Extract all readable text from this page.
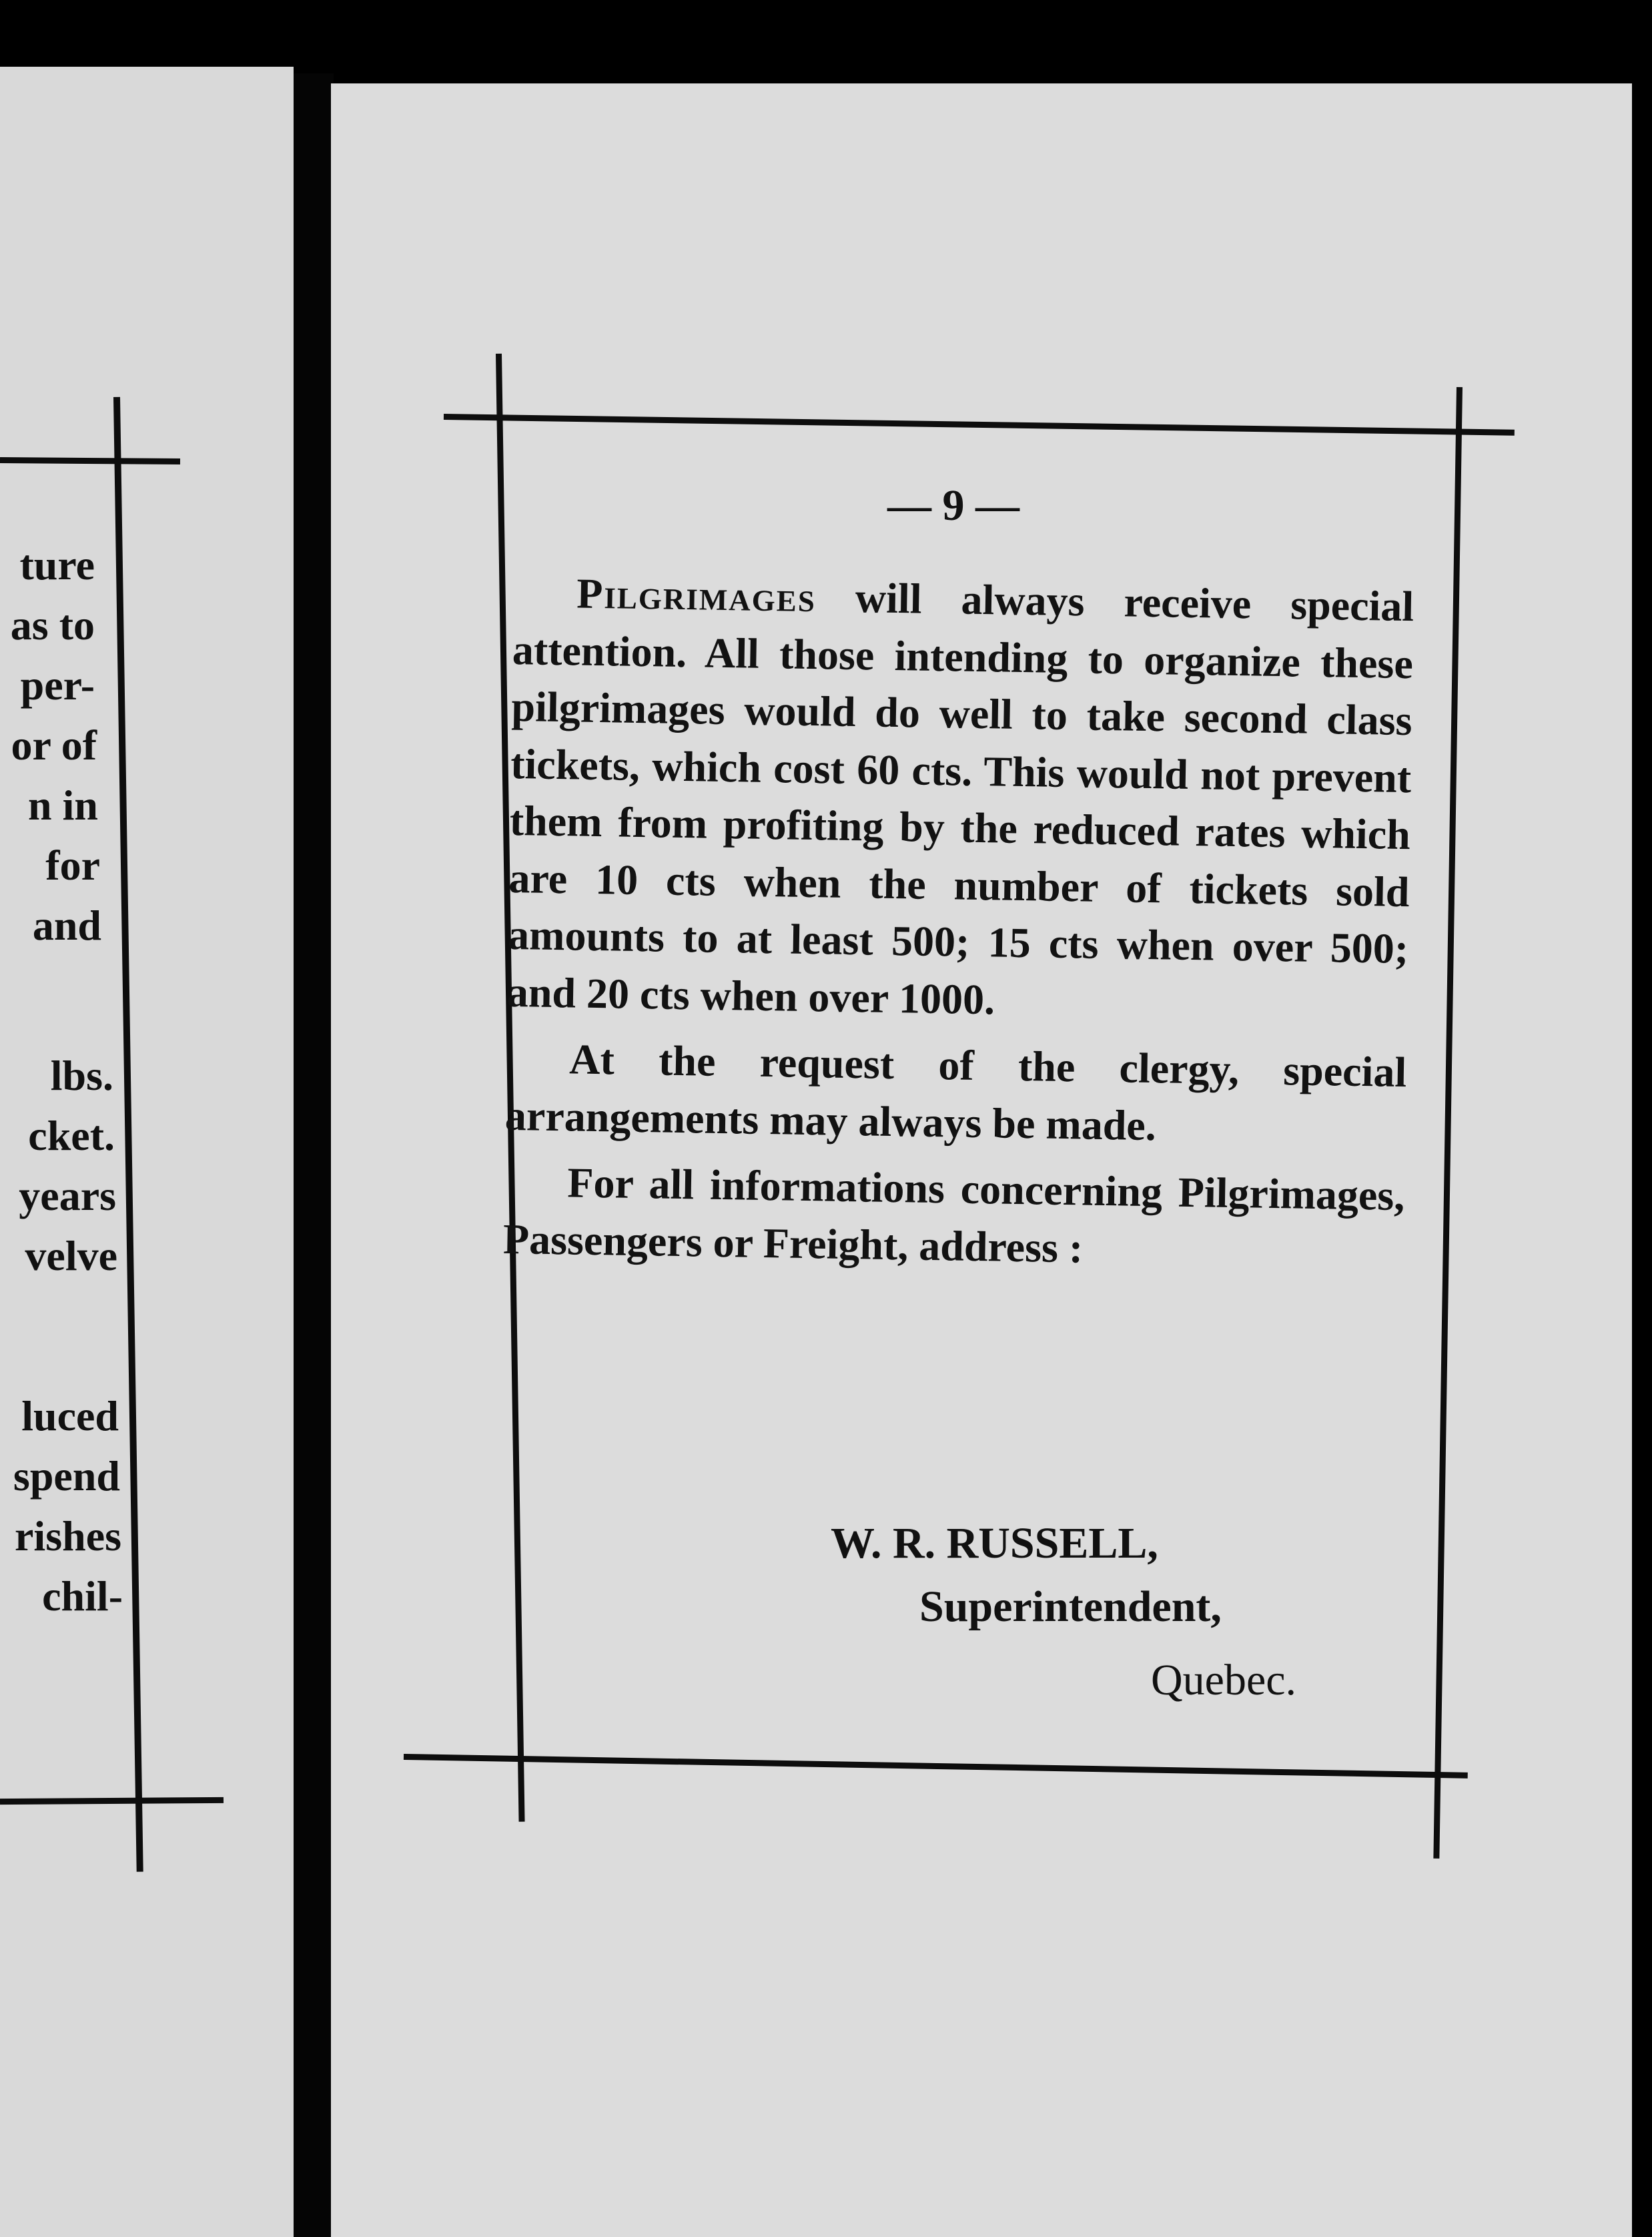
ture
as to
per-
or of
n in
for
and
lbs.
cket.
years
velve
luced
spend
rishes
chil-
— 9 —

Pilgrimages will always receive special attention. All those intending to organize these pilgrimages would do well to take second class tickets, which cost 60 cts. This would not prevent them from profiting by the reduced rates which are 10 cts when the number of tickets sold amounts to at least 500; 15 cts when over 500; and 20 cts when over 1000.

At the request of the clergy, special arrangements may always be made.

For all informations concerning Pilgrimages, Passengers or Freight, address :

W. R. RUSSELL,
Superintendent,
Quebec.
